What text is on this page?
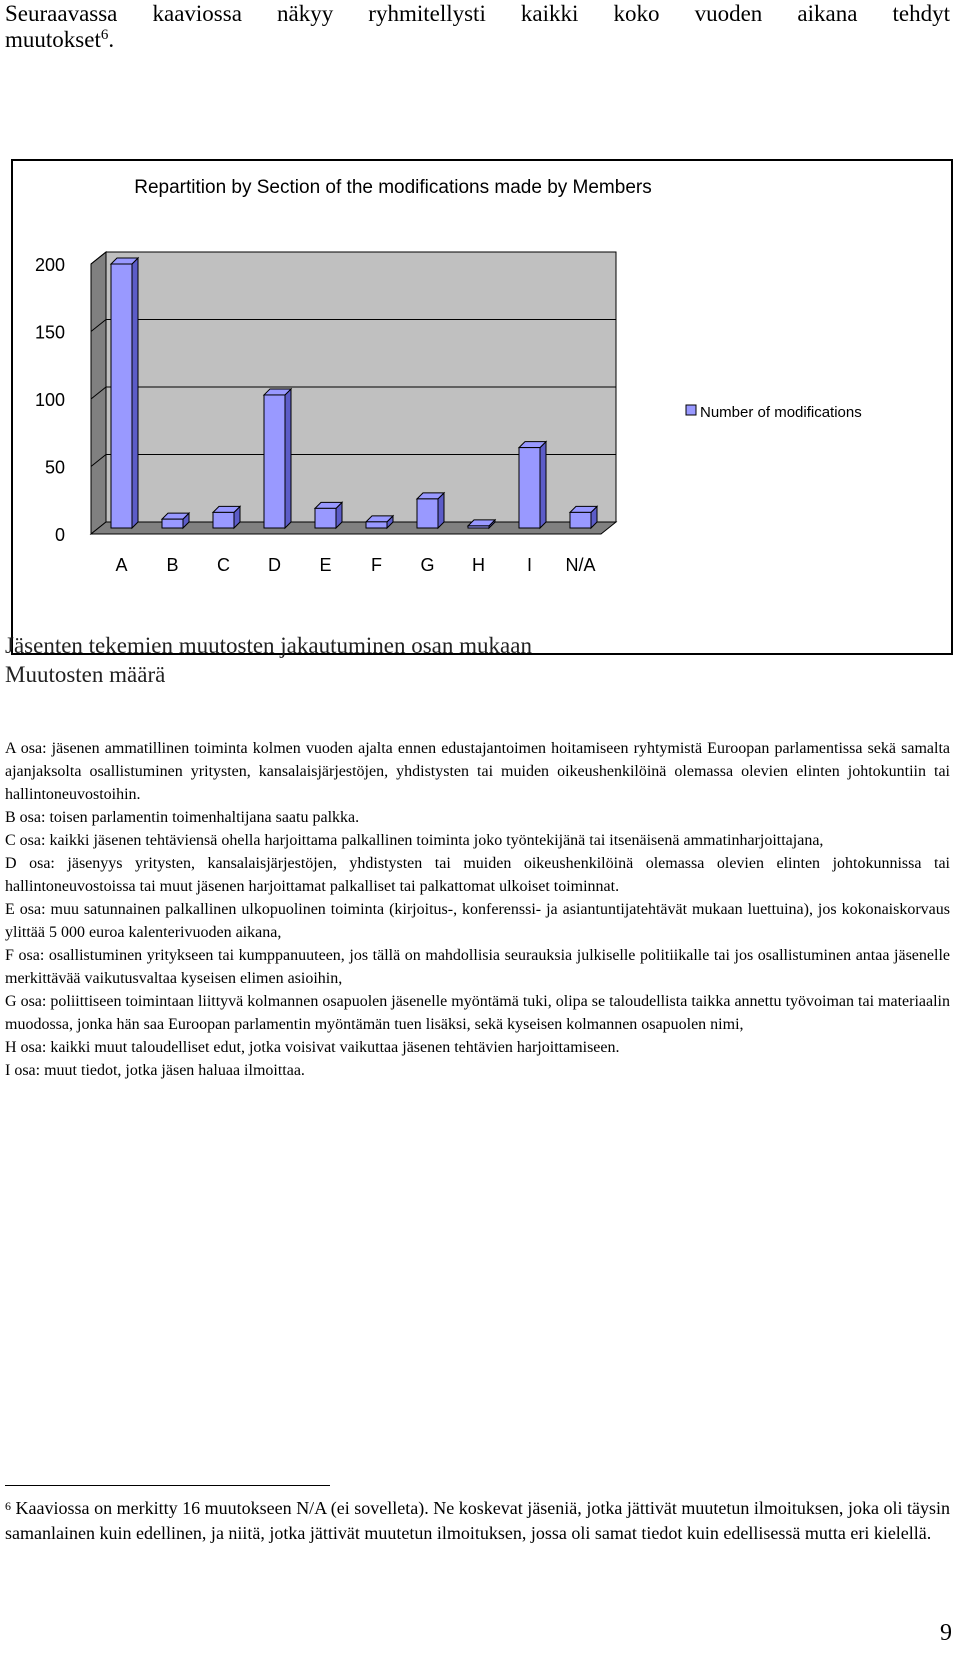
Seuraavassa kaaviossa näkyy ryhmitellysti kaikki koko vuoden aikana tehdyt
muutokset$^6$.
Repartition by Section of the modifications made by Members
0
50
100
150
200
A B C D E F G H I N/A
Number of modifications
Jäsenten tekemien muutosten jakautuminen osan mukaan
Muutosten määrä

A osa: jäsenen ammatillinen toiminta kolmen vuoden ajalta ennen edustajantoimen hoitamiseen ryhtymistä Euroopan parlamentissa sekä samalta ajanjaksolta osallistuminen yritysten, kansalaisjärjestöjen, yhdistysten tai muiden oikeushenkilöinä olemassa olevien elinten johtokuntiin tai hallintoneuvostoihin.

B osa: toisen parlamentin toimenhaltijana saatu palkka.

C osa: kaikki jäsenen tehtäviensä ohella harjoittama palkallinen toiminta joko työntekijänä tai itsenäisenä ammatinharjoittajana,

D osa: jäsenyys yritysten, kansalaisjärjestöjen, yhdistysten tai muiden oikeushenkilöinä olemassa olevien elinten johtokunnissa tai hallintoneuvostoissa tai muut jäsenen harjoittamat palkalliset tai palkattomat ulkoiset toiminnat.

E osa: muu satunnainen palkallinen ulkopuolinen toiminta (kirjoitus-, konferenssi- ja asiantuntijatehtävät mukaan luettuina), jos kokonaiskorvaus ylittää 5 000 euroa kalenterivuoden aikana,

F osa: osallistuminen yritykseen tai kumppanuuteen, jos tällä on mahdollisia seurauksia julkiselle politiikalle tai jos osallistuminen antaa jäsenelle merkittävää vaikutusvaltaa kyseisen elimen asioihin,

G osa: poliittiseen toimintaan liittyvä kolmannen osapuolen jäsenelle myöntämä tuki, olipa se taloudellista taikka annettu työvoiman tai materiaalin muodossa, jonka hän saa Euroopan parlamentin myöntämän tuen lisäksi, sekä kyseisen kolmannen osapuolen nimi,

H osa: kaikki muut taloudelliset edut, jotka voisivat vaikuttaa jäsenen tehtävien harjoittamiseen.

I osa: muut tiedot, jotka jäsen haluaa ilmoittaa.

$^6$ Kaaviossa on merkitty 16 muutokseen N/A (ei sovelleta). Ne koskevat jäseniä, jotka jättivät muutetun ilmoituksen, joka oli täysin samanlainen kuin edellinen, ja niitä, jotka jättivät muutetun ilmoituksen, jossa oli samat tiedot kuin edellisessä mutta eri kielellä.
9
